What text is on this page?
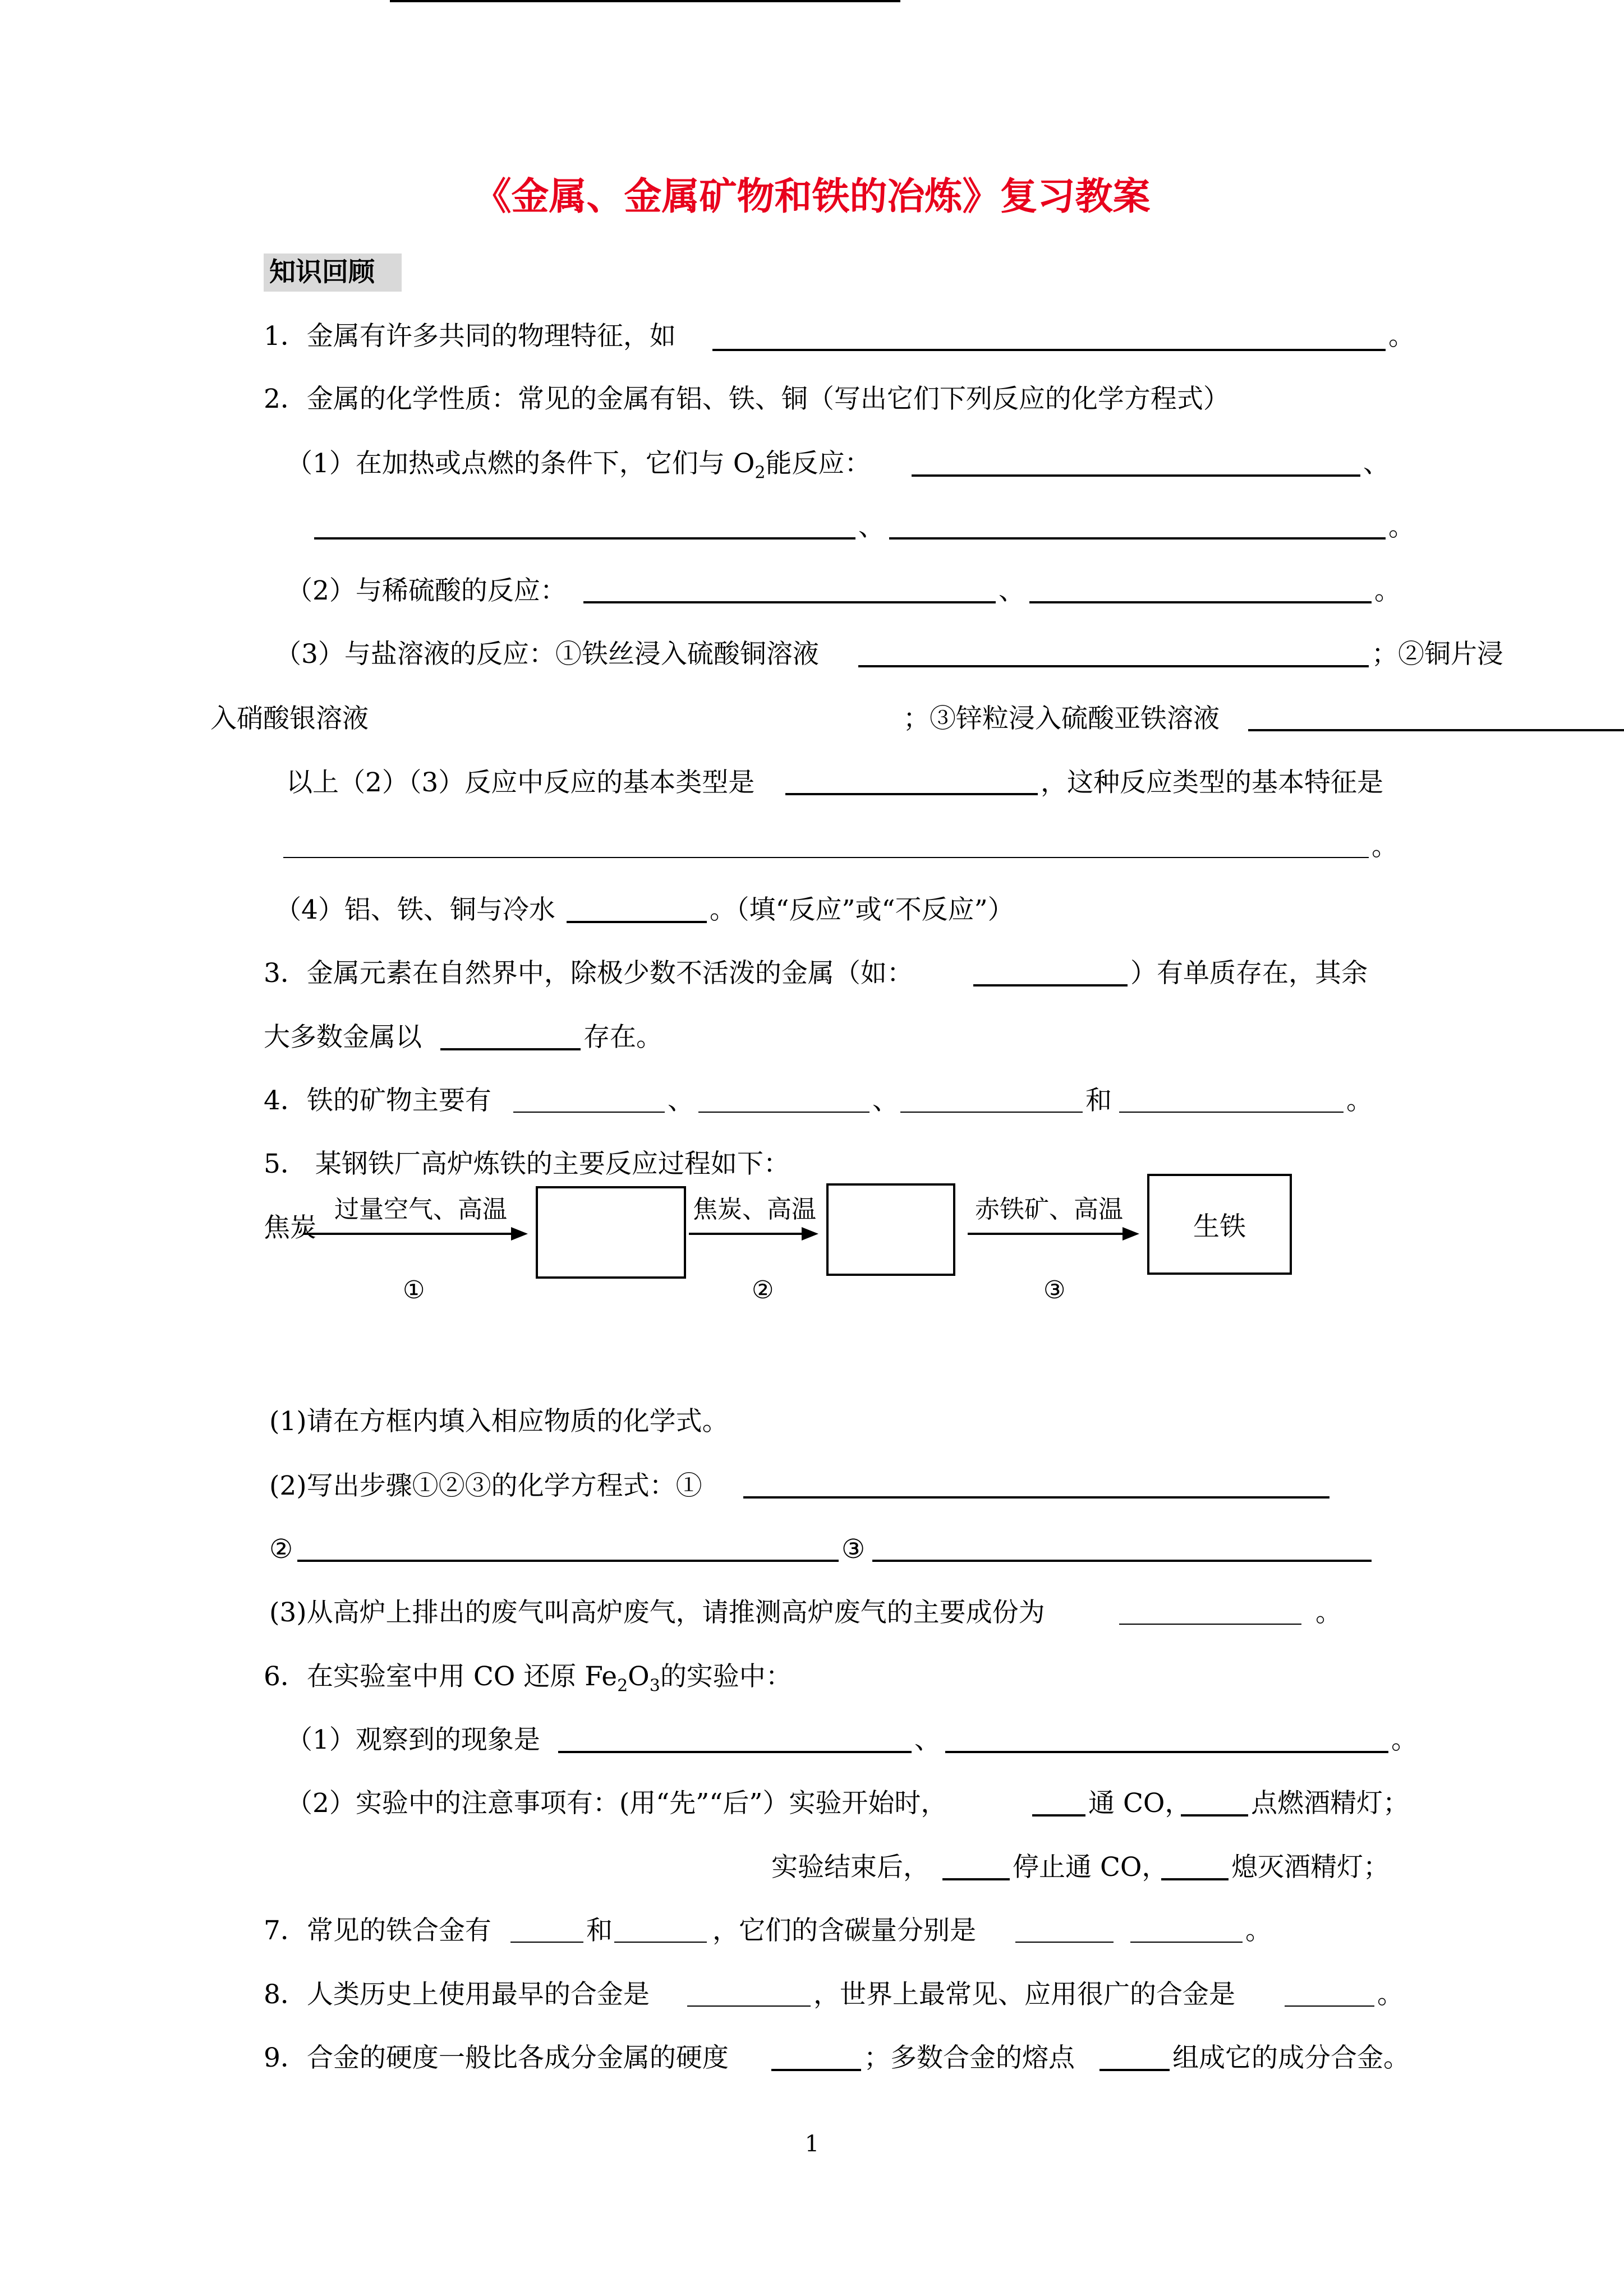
《金属、金属矿物和铁的冶炼》复习教案
知识回顾
1．金属有许多共同的物理特征，如	。
2．金属的化学性质：常见的金属有铝、铁、铜（写出它们下列反应的化学方程式）
（1）在加热或点燃的条件下，它们与 $O_2$能反应：	、
、	。
（2）与稀硫酸的反应：	、	。
（3）与盐溶液的反应：①铁丝浸入硫酸铜溶液	；②铜片浸
入硝酸银溶液	；③锌粒浸入硫酸亚铁溶液
以上（2）（3）反应中反应的基本类型是	，这种反应类型的基本特征是
。
（4）铝、铁、铜与冷水	。（填“反应”或“不反应”）
3．金属元素在自然界中，除极少数不活泼的金属（如：	）有单质存在，其余
大多数金属以	存在。
4．铁的矿物主要有	、	、	和	。
5． 某钢铁厂高炉炼铁的主要反应过程如下：
焦炭
过量空气、高温	焦炭、高温	赤铁矿、高温
生铁
①	②	③
(1)请在方框内填入相应物质的化学式。
(2)写出步骤①②③的化学方程式：①
②	③
(3)从高炉上排出的废气叫高炉废气，请推测高炉废气的主要成份为	。
6．在实验室中用 CO 还原 $Fe_2O_3$的实验中：
（1）观察到的现象是	、	。
（2）实验中的注意事项有：(用“先”“后”）实验开始时，	通 CO， 点燃酒精灯；
实验结束后，	停止通 CO， 熄灭酒精灯；
7．常见的铁合金有	和	，它们的含碳量分别是	。
8．人类历史上使用最早的合金是	，世界上最常见、应用很广的合金是	。
9．合金的硬度一般比各成分金属的硬度	；多数合金的熔点	组成它的成分合金。
1
